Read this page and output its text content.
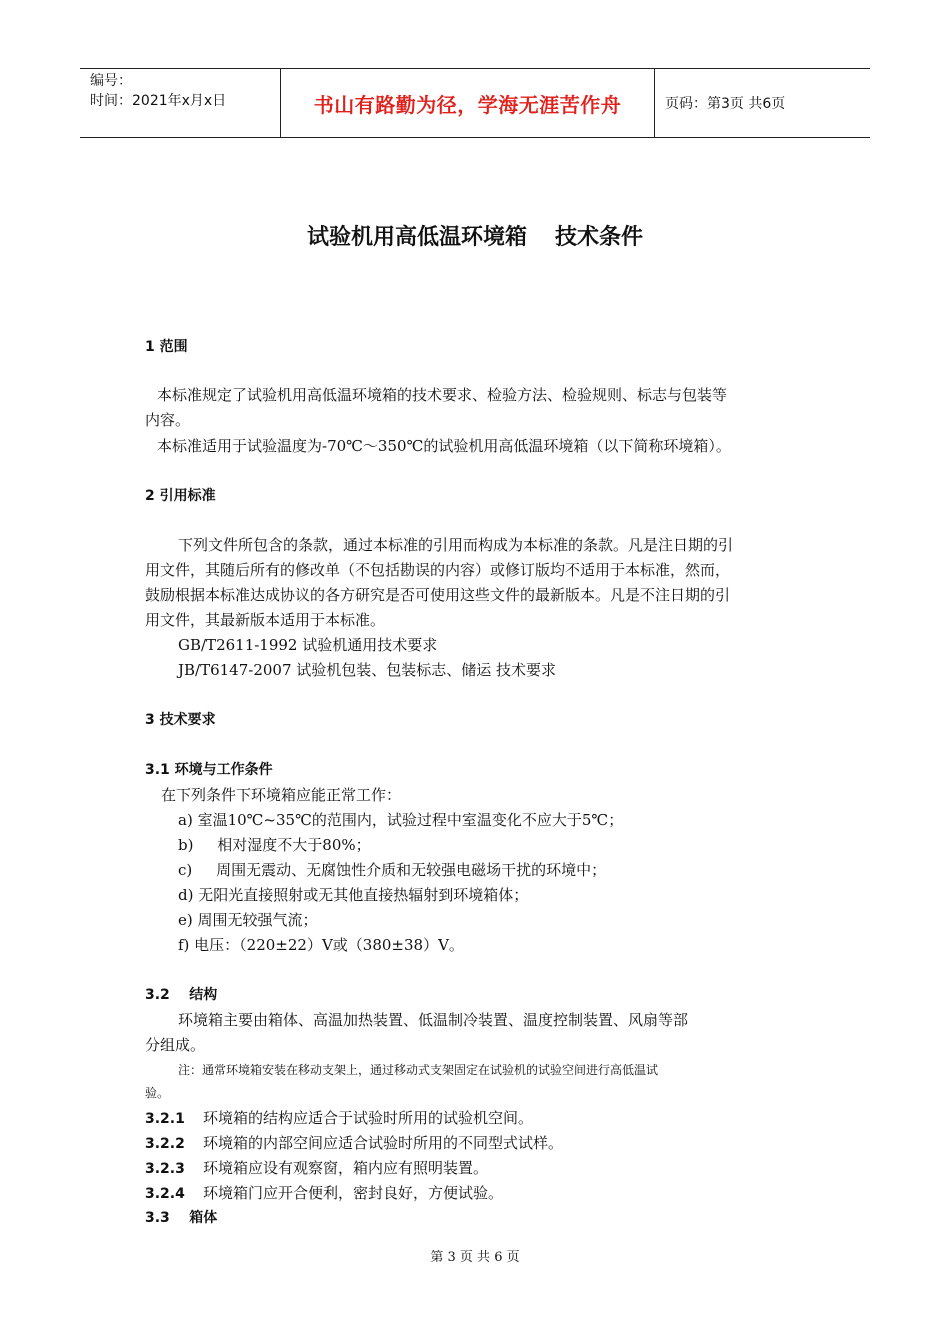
编号：
时间：2021年x月x日	书山有路勤为径，学海无涯苦作舟	页码：第3页 共6页
试验机用高低温环境箱 技术条件
1 范围
本标准规定了试验机用高低温环境箱的技术要求、检验方法、检验规则、标志与包装等
内容。
本标准适用于试验温度为-70℃～350℃的试验机用高低温环境箱（以下简称环境箱）。
2 引用标准
下列文件所包含的条款，通过本标准的引用而构成为本标准的条款。凡是注日期的引
用文件，其随后所有的修改单（不包括勘误的内容）或修订版均不适用于本标准，然而，
鼓励根据本标准达成协议的各方研究是否可使用这些文件的最新版本。凡是不注日期的引
用文件，其最新版本适用于本标准。
GB/T2611-1992 试验机通用技术要求
JB/T6147-2007 试验机包装、包装标志、储运 技术要求
3 技术要求
3.1 环境与工作条件
在下列条件下环境箱应能正常工作：
a) 室温10℃~35℃的范围内，试验过程中室温变化不应大于5℃；
b)     相对湿度不大于80%；
c)     周围无震动、无腐蚀性介质和无较强电磁场干扰的环境中；
d) 无阳光直接照射或无其他直接热辐射到环境箱体；
e) 周围无较强气流；
f) 电压：（220±22）V或（380±38）V。
3.2    结构
环境箱主要由箱体、高温加热装置、低温制冷装置、温度控制装置、风扇等部
分组成。
注：通常环境箱安装在移动支架上，通过移动式支架固定在试验机的试验空间进行高低温试
验。
3.2.1 环境箱的结构应适合于试验时所用的试验机空间。
3.2.2 环境箱的内部空间应适合试验时所用的不同型式试样。
3.2.3 环境箱应设有观察窗，箱内应有照明装置。
3.2.4 环境箱门应开合便利，密封良好，方便试验。
3.3    箱体
第 3 页 共 6 页
